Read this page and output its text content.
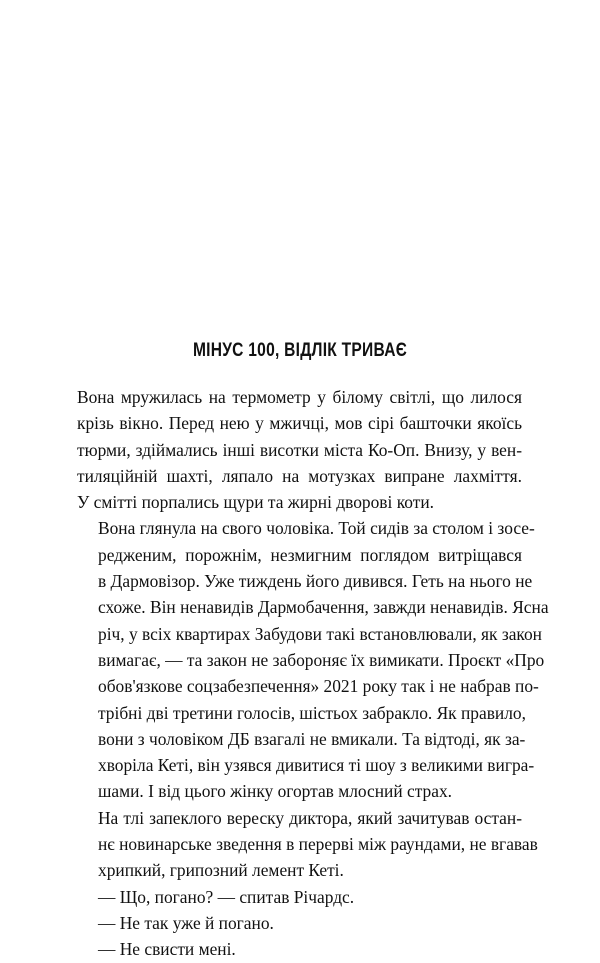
МІНУС 100, ВІДЛІК ТРИВАЄ

Вона мружилась на термометр у білому світлі, що лилося
крізь вікно. Перед нею у мжичці, мов сірі башточки якоїсь
тюрми, здіймались інші висотки міста Ко-Оп. Внизу, у вен-
тиляційній шахті, ляпало на мотузках випране лахміття.
У смітті порпались щури та жирні дворові коти.

Вона глянула на свого чоловіка. Той сидів за столом і зосе-
редженим, порожнім, незмигним поглядом витріщався
в Дармовізор. Уже тиждень його дивився. Геть на нього не
схоже. Він ненавидів Дармобачення, завжди ненавидів. Ясна
річ, у всіх квартирах Забудови такі встановлювали, як закон
вимагає, — та закон не забороняє їх вимикати. Проєкт «Про
обов'язкове соцзабезпечення» 2021 року так і не набрав по-
трібні дві третини голосів, шістьох забракло. Як правило,
вони з чоловіком ДБ взагалі не вмикали. Та відтоді, як за-
хворіла Кеті, він узявся дивитися ті шоу з великими вигра-
шами. І від цього жінку огортав млосний страх.

На тлі запеклого вереску диктора, який зачитував остан-
нє новинарське зведення в перерві між раундами, не вгавав
хрипкий, грипозний лемент Кеті.

— Що, погано? — спитав Річардс.

— Не так уже й погано.

— Не свисти мені.
